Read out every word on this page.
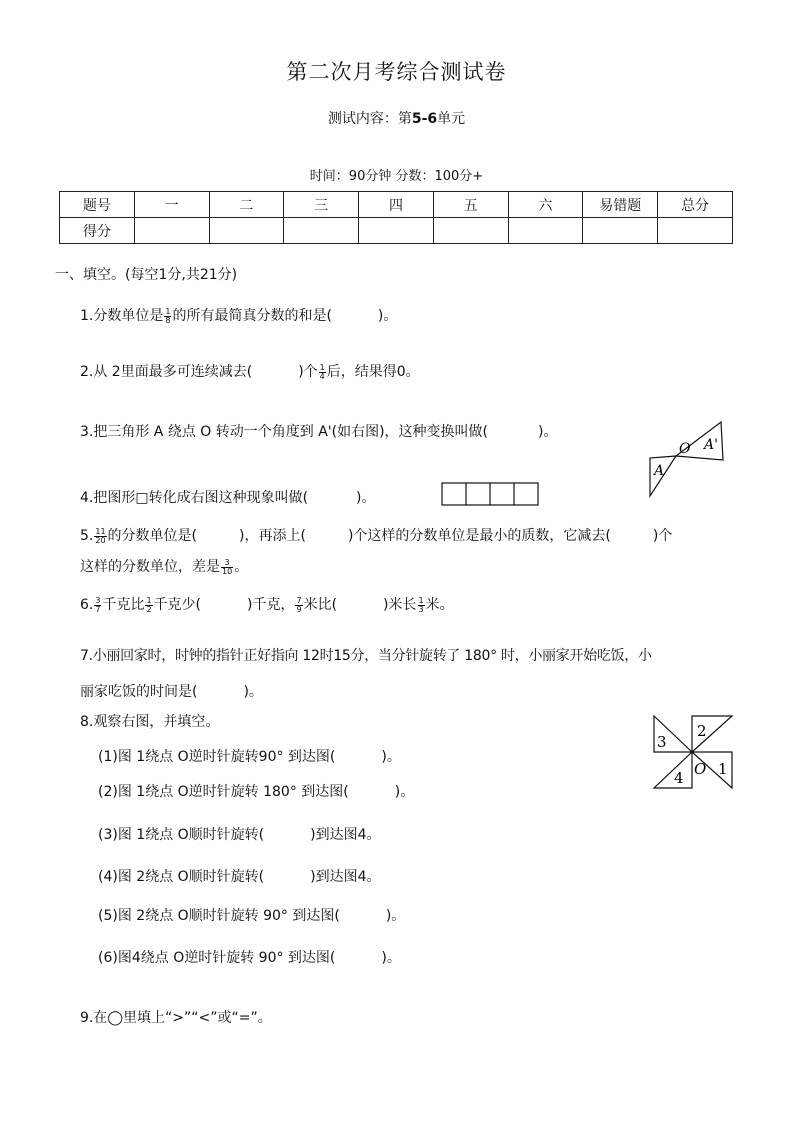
第二次月考综合测试卷
测试内容：第5-6单元
时间：90分钟 分数：100分+
题号	一	二	三	四	五	六	易错题	总分
得分								
一、填空。(每空1分,共21分)
1.分数单位是 $\frac{1}{8}$ 的所有最简真分数的和是(	)。
2.从 2里面最多可连续减去(	)个 $\frac{1}{4}$ 后，结果得0。
3.把三角形 A 绕点 O 转动一个角度到 A'(如右图)，这种变换叫做(	)。
O A'
A
4.把图形□转化成右图这种现象叫做(	)。
5. $\frac{11}{20}$ 的分数单位是(	)，再添上(	)个这样的分数单位是最小的质数，它减去(	)个
这样的分数单位，差是 $\frac{3}{10}$ 。
6. $\frac{3}{7}$ 千克比 $\frac{1}{2}$ 千克少(	)千克， $\frac{7}{9}$ 米比(	)米长 $\frac{1}{3}$ 米。
7.小丽回家时，时钟的指针正好指向 12时15分，当分针旋转了 180° 时，小丽家开始吃饭，小
丽家吃饭的时间是(	)。
8.观察右图，并填空。
(1)图 1绕点 O逆时针旋转90° 到达图(	)。
(2)图 1绕点 O逆时针旋转 180° 到达图(	)。
(3)图 1绕点 O顺时针旋转(	)到达图4。
(4)图 2绕点 O顺时针旋转(	)到达图4。
(5)图 2绕点 O顺时针旋转 90° 到达图(	)。
(6)图4绕点 O逆时针旋转 90° 到达图(	)。
2
3
4 1
O
9.在◯里填上“>”“<”或“=”。
